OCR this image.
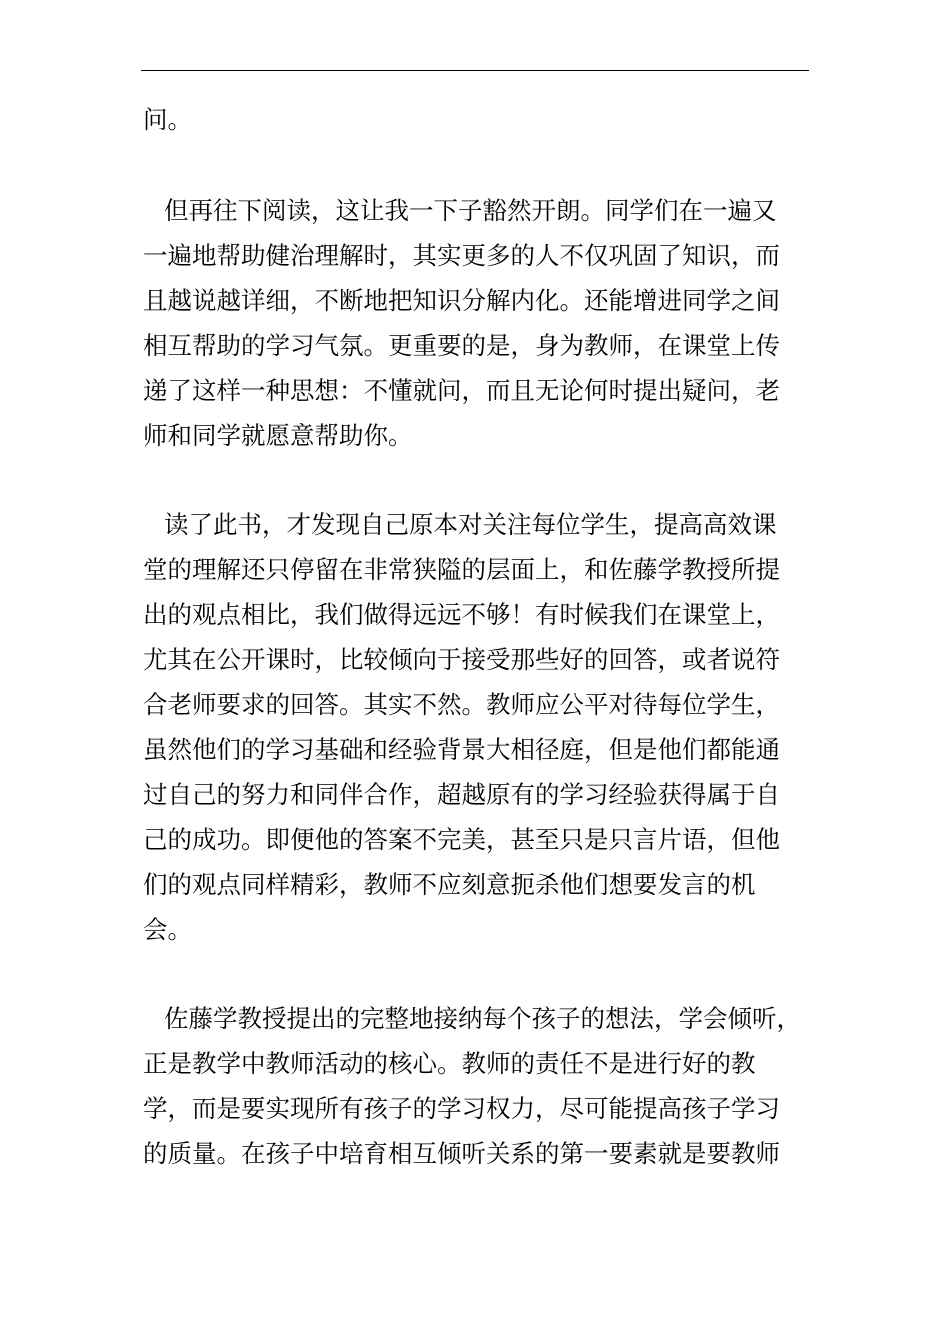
问。
但再往下阅读，这让我一下子豁然开朗。同学们在一遍又
一遍地帮助健治理解时，其实更多的人不仅巩固了知识，而
且越说越详细，不断地把知识分解内化。还能增进同学之间
相互帮助的学习气氛。更重要的是，身为教师，在课堂上传
递了这样一种思想：不懂就问，而且无论何时提出疑问，老
师和同学就愿意帮助你。
读了此书，才发现自己原本对关注每位学生，提高高效课
堂的理解还只停留在非常狭隘的层面上，和佐藤学教授所提
出的观点相比，我们做得远远不够！有时候我们在课堂上，
尤其在公开课时，比较倾向于接受那些好的回答，或者说符
合老师要求的回答。其实不然。教师应公平对待每位学生，
虽然他们的学习基础和经验背景大相径庭，但是他们都能通
过自己的努力和同伴合作，超越原有的学习经验获得属于自
己的成功。即便他的答案不完美，甚至只是只言片语，但他
们的观点同样精彩，教师不应刻意扼杀他们想要发言的机
会。
佐藤学教授提出的完整地接纳每个孩子的想法，学会倾听，
正是教学中教师活动的核心。教师的责任不是进行好的教
学，而是要实现所有孩子的学习权力，尽可能提高孩子学习
的质量。在孩子中培育相互倾听关系的第一要素就是要教师
